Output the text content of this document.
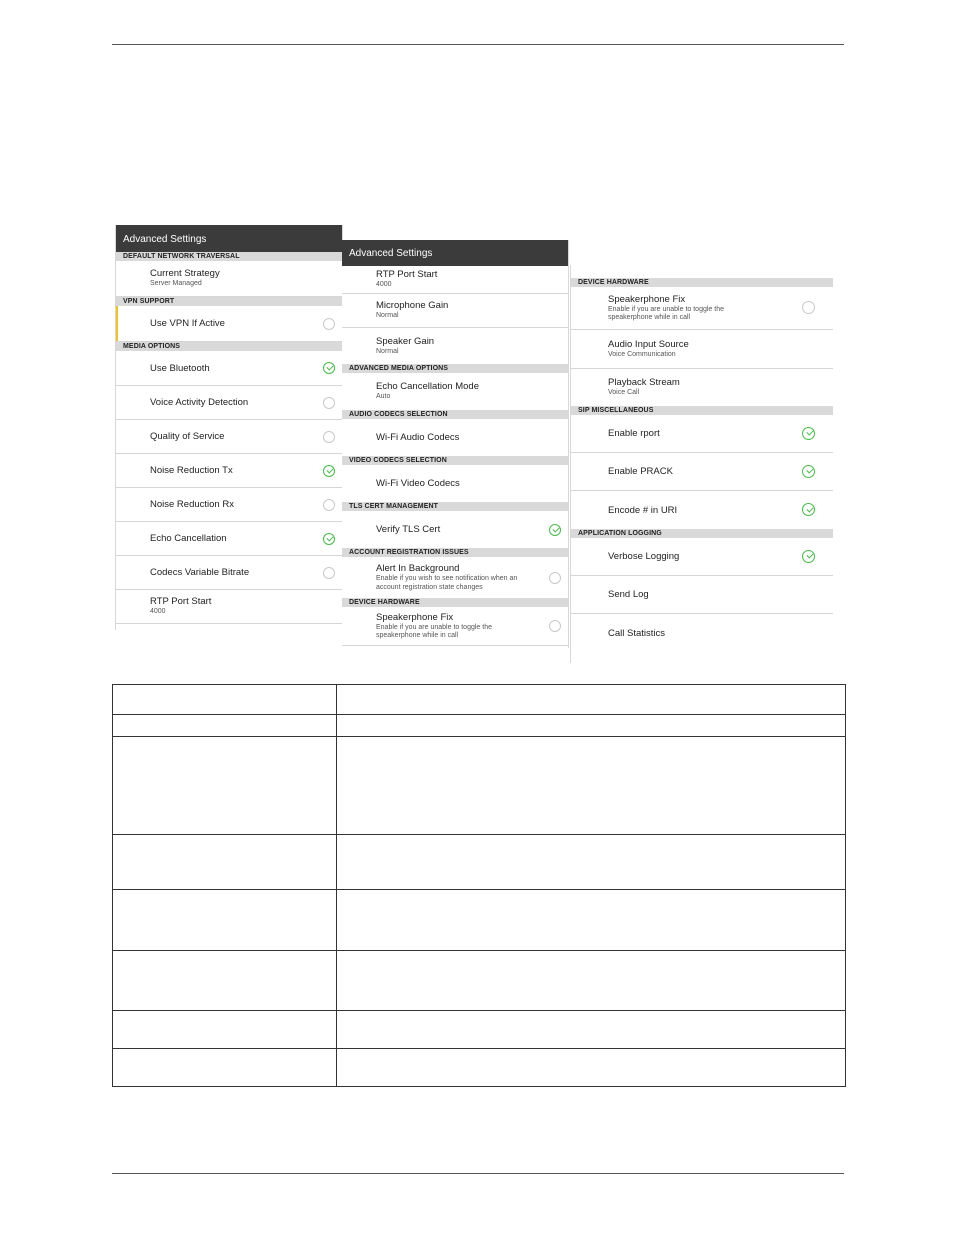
Advanced Settings
DEFAULT NETWORK TRAVERSAL
Current Strategy
Server Managed
VPN SUPPORT
Use VPN If Active
MEDIA OPTIONS
Use Bluetooth
Voice Activity Detection
Quality of Service
Noise Reduction Tx
Noise Reduction Rx
Echo Cancellation
Codecs Variable Bitrate
RTP Port Start
4000
Advanced Settings
RTP Port Start
4000
Microphone Gain
Normal
Speaker Gain
Normal
ADVANCED MEDIA OPTIONS
Echo Cancellation Mode
Auto
AUDIO CODECS SELECTION
Wi-Fi Audio Codecs
VIDEO CODECS SELECTION
Wi-Fi Video Codecs
TLS CERT MANAGEMENT
Verify TLS Cert
ACCOUNT REGISTRATION ISSUES
Alert In Background
Enable if you wish to see notification when an
account registration state changes
DEVICE HARDWARE
Speakerphone Fix
Enable if you are unable to toggle the
speakerphone while in call
DEVICE HARDWARE
Speakerphone Fix
Enable if you are unable to toggle the
speakerphone while in call
Audio Input Source
Voice Communication
Playback Stream
Voice Call
SIP MISCELLANEOUS
Enable rport
Enable PRACK
Encode # in URI
APPLICATION LOGGING
Verbose Logging
Send Log
Call Statistics
